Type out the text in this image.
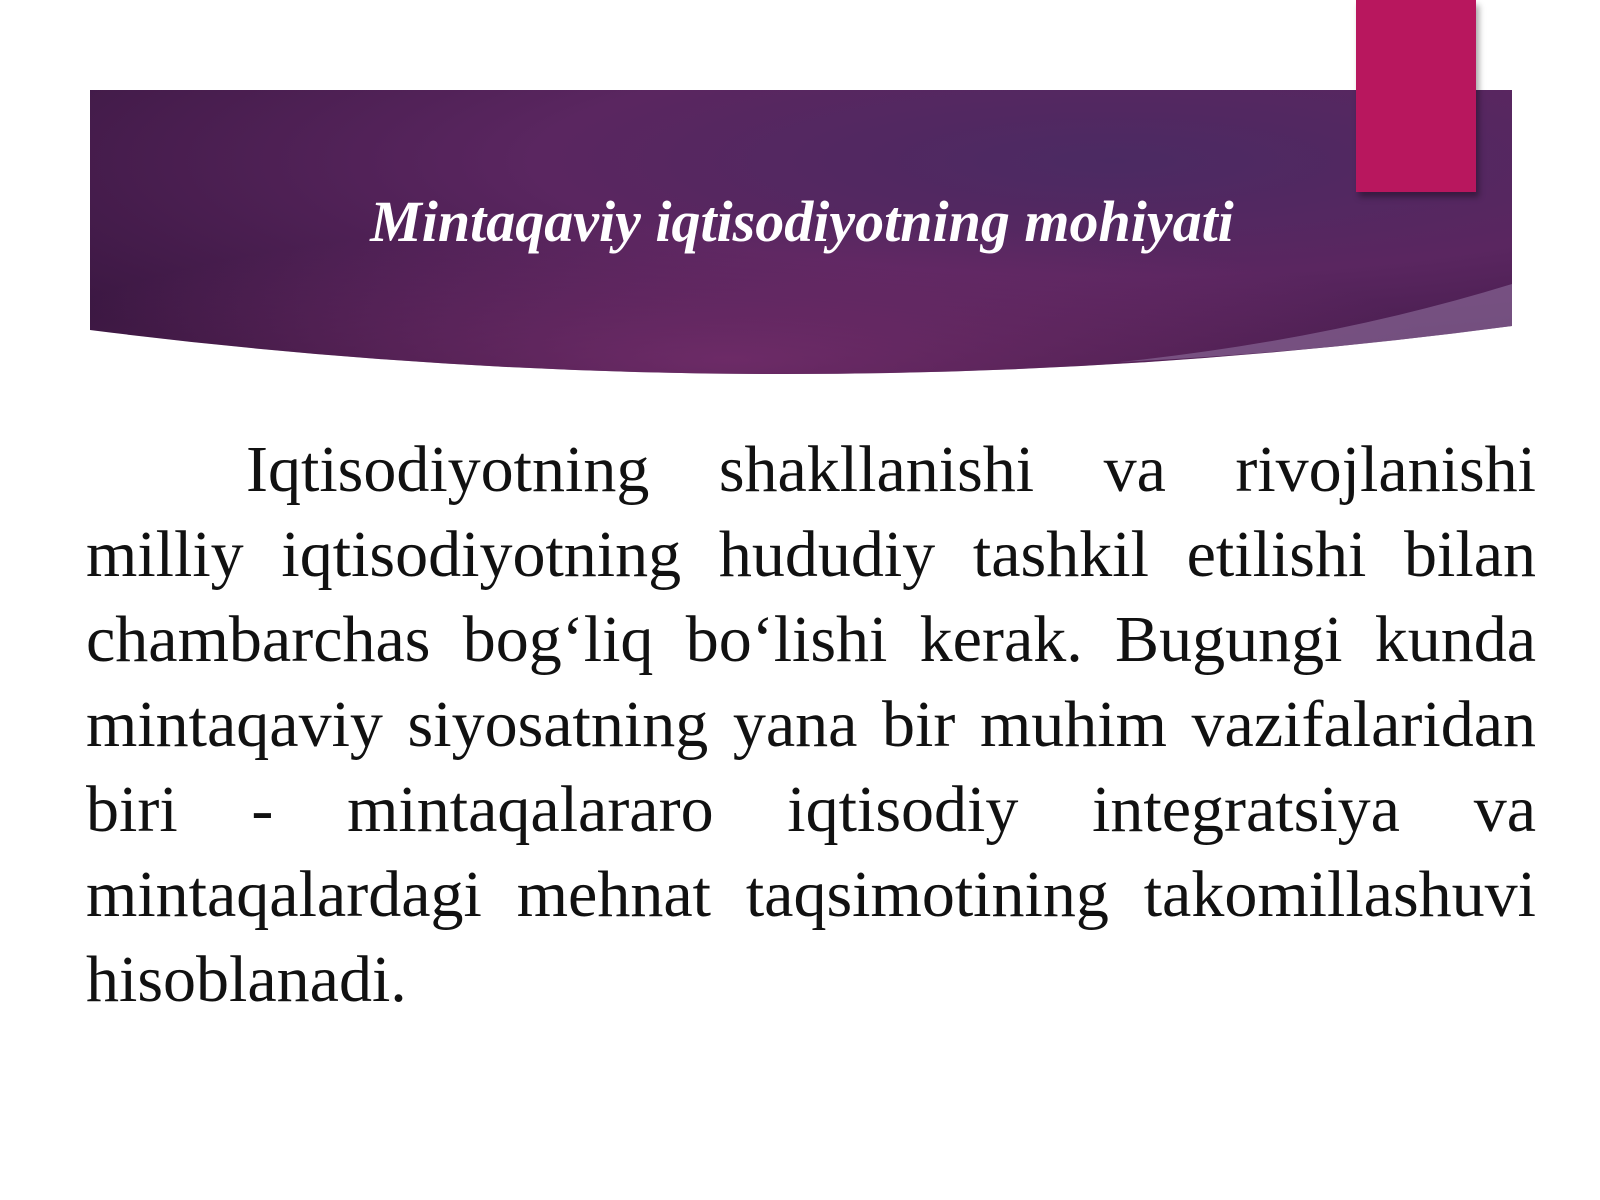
Mintaqaviy iqtisodiyotning mohiyati
Iqtisodiyotning shakllanishi va rivojlanishi milliy iqtisodiyotning hududiy tashkil etilishi bilan chambarchas bog‘liq bo‘lishi kerak. Bugungi kunda mintaqaviy siyosatning yana bir muhim vazifalaridan biri - mintaqalararo iqtisodiy integratsiya va mintaqalardagi mehnat taqsimotining takomillashuvi hisoblanadi.
